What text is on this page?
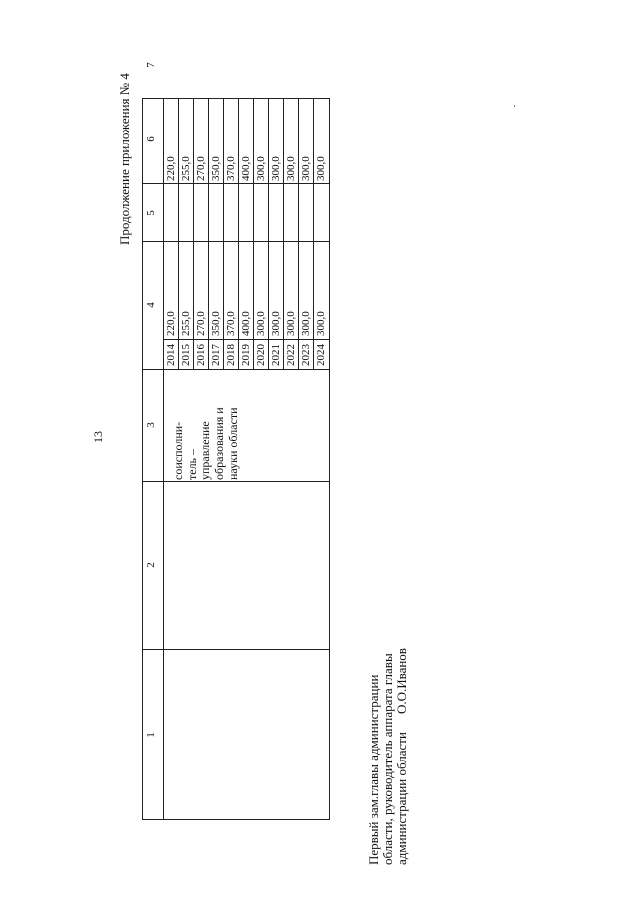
13
Продолжение приложения № 4
1
2
3
4
5
6
7
соисполни- тель – управление образования и науки области
2014
220,0
220,0
2015
255,0
255,0
2016
270,0
270,0
2017
350,0
350,0
2018
370,0
370,0
2019
400,0
400,0
2020
300,0
300,0
2021
300,0
300,0
2022
300,0
300,0
2023
300,0
300,0
2024
300,0
300,0
Первый зам.главы администрации области, руководитель аппарата главы администрации областиО.О.Иванов
